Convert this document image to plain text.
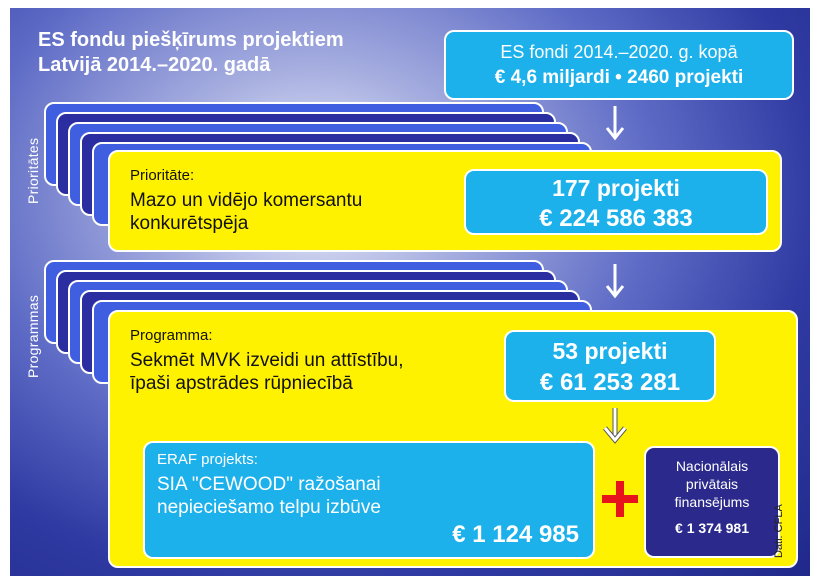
ES fondu piešķīrums projektiem
Latvijā 2014.–2020. gadā
ES fondi 2014.–2020. g. kopā
€ 4,6 miljardi • 2460 projekti
Prioritātes	Prioritāte:
Mazo un vidējo komersantu
konkurētspēja
177 projekti
€ 224 586 383
Programmas	Programma:
Sekmēt MVK izveidi un attīstību,
īpaši apstrādes rūpniecībā
53 projekti
€ 61 253 281
ERAF projekts:
SIA "CEWOOD" ražošanai
nepieciešamo telpu izbūve
€ 1 124 985
Nacionālais
privātais
finansējums
€ 1 374 981	Dati: CFLA
